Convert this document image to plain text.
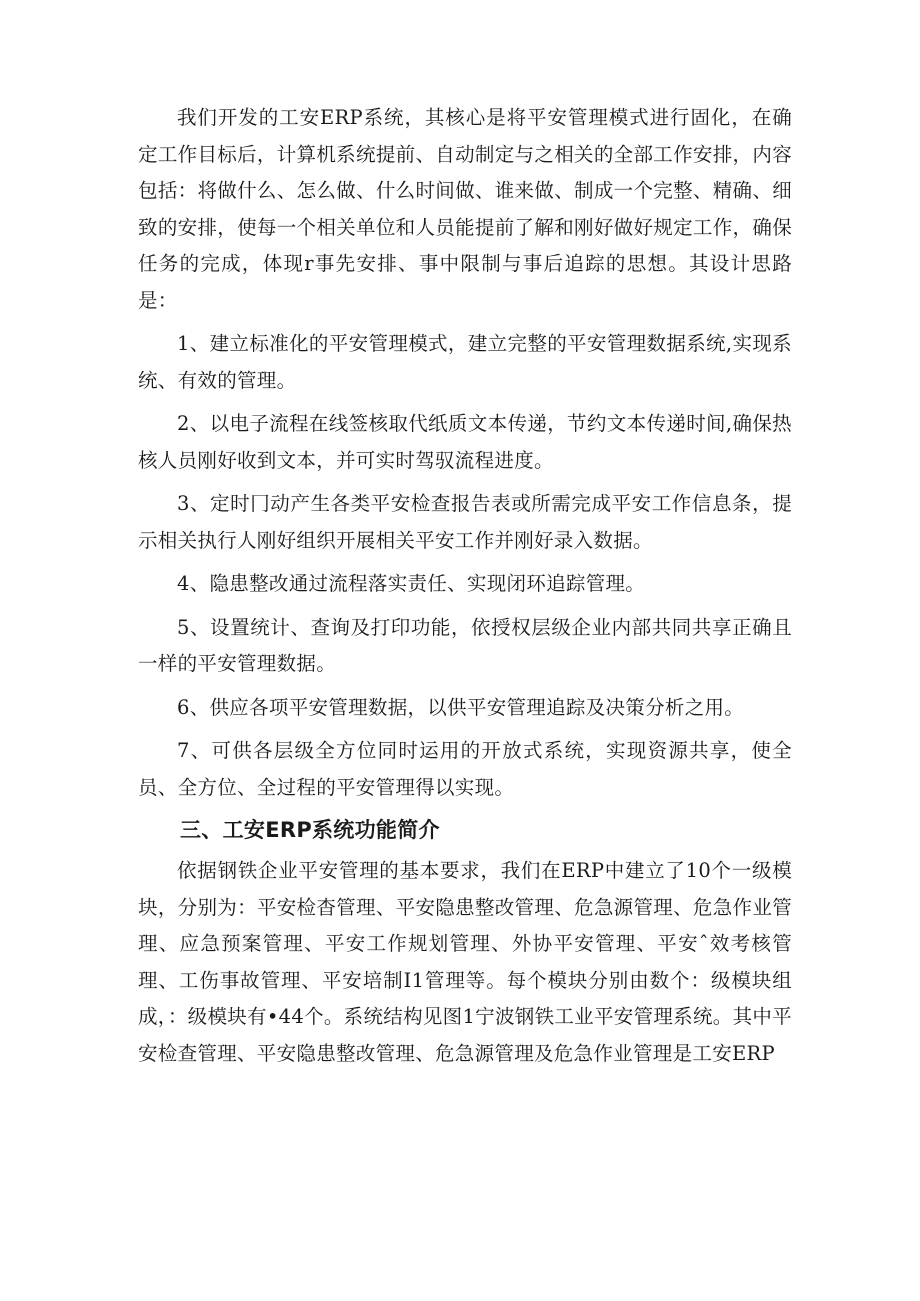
我们开发的工安ERP系统，其核心是将平安管理模式进行固化，在确定工作目标后，计算机系统提前、自动制定与之相关的全部工作安排，内容包括：将做什么、怎么做、什么时间做、谁来做、制成一个完整、精确、细致的安排，使每一个相关单位和人员能提前了解和刚好做好规定工作，确保任务的完成，体现r事先安排、事中限制与事后追踪的思想。其设计思路是：

1、建立标准化的平安管理模式，建立完整的平安管理数据系统,实现系统、有效的管理。

2、以电子流程在线签核取代纸质文本传递，节约文本传递时间,确保热核人员刚好收到文本，并可实时驾驭流程进度。

3、定时冂动产生各类平安检查报告表或所需完成平安工作信息条，提示相关执行人刚好组织开展相关平安工作并刚好录入数据。

4、隐患整改通过流程落实责任、实现闭环追踪管理。

5、设置统计、查询及打印功能，依授权层级企业内部共同共享正确且一样的平安管理数据。

6、供应各项平安管理数据，以供平安管理追踪及决策分析之用。

7、可供各层级全方位同时运用的开放式系统，实现资源共享，使全员、全方位、全过程的平安管理得以实现。

三、工安ERP系统功能简介

依据钢铁企业平安管理的基本要求，我们在ERP中建立了10个一级模块，分别为：平安检杳管理、平安隐患整改管理、危急源管理、危急作业管理、应急预案管理、平安工作规划管理、外协平安管理、平安ˆ效考核管理、工伤事故管理、平安培制I1管理等。每个模块分别由数个：级模块组成，：级模块有•44个。系统结构见图1宁波钢铁工业平安管理系统。其中平安检查管理、平安隐患整改管理、危急源管理及危急作业管理是工安ERP
